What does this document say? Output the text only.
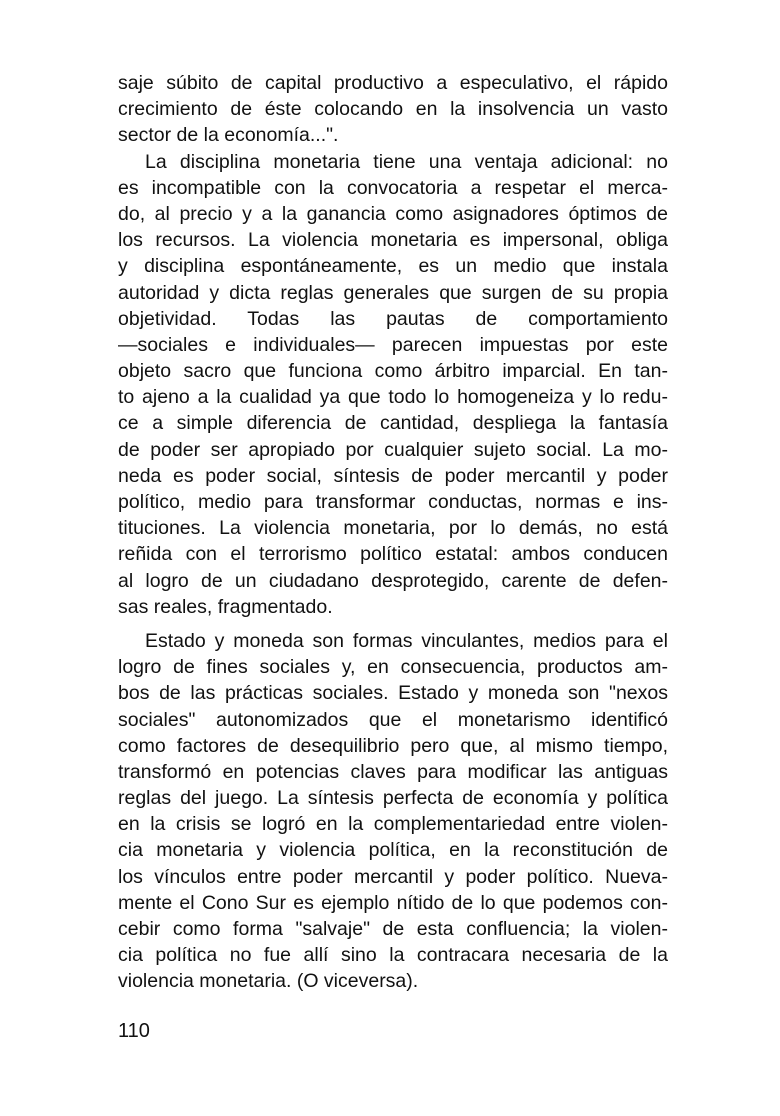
saje súbito de capital productivo a especulativo, el rápido
crecimiento de éste colocando en la insolvencia un vasto
sector de la economía...".
La disciplina monetaria tiene una ventaja adicional: no
es incompatible con la convocatoria a respetar el merca-
do, al precio y a la ganancia como asignadores óptimos de
los recursos. La violencia monetaria es impersonal, obliga
y disciplina espontáneamente, es un medio que instala
autoridad y dicta reglas generales que surgen de su propia
objetividad. Todas las pautas de comportamiento
—sociales e individuales— parecen impuestas por este
objeto sacro que funciona como árbitro imparcial. En tan-
to ajeno a la cualidad ya que todo lo homogeneiza y lo redu-
ce a simple diferencia de cantidad, despliega la fantasía
de poder ser apropiado por cualquier sujeto social. La mo-
neda es poder social, síntesis de poder mercantil y poder
político, medio para transformar conductas, normas e ins-
tituciones. La violencia monetaria, por lo demás, no está
reñida con el terrorismo político estatal: ambos conducen
al logro de un ciudadano desprotegido, carente de defen-
sas reales, fragmentado.
Estado y moneda son formas vinculantes, medios para el
logro de fines sociales y, en consecuencia, productos am-
bos de las prácticas sociales. Estado y moneda son "nexos
sociales" autonomizados que el monetarismo identificó
como factores de desequilibrio pero que, al mismo tiempo,
transformó en potencias claves para modificar las antiguas
reglas del juego. La síntesis perfecta de economía y política
en la crisis se logró en la complementariedad entre violen-
cia monetaria y violencia política, en la reconstitución de
los vínculos entre poder mercantil y poder político. Nueva-
mente el Cono Sur es ejemplo nítido de lo que podemos con-
cebir como forma "salvaje" de esta confluencia; la violen-
cia política no fue allí sino la contracara necesaria de la
violencia monetaria. (O viceversa).
110
